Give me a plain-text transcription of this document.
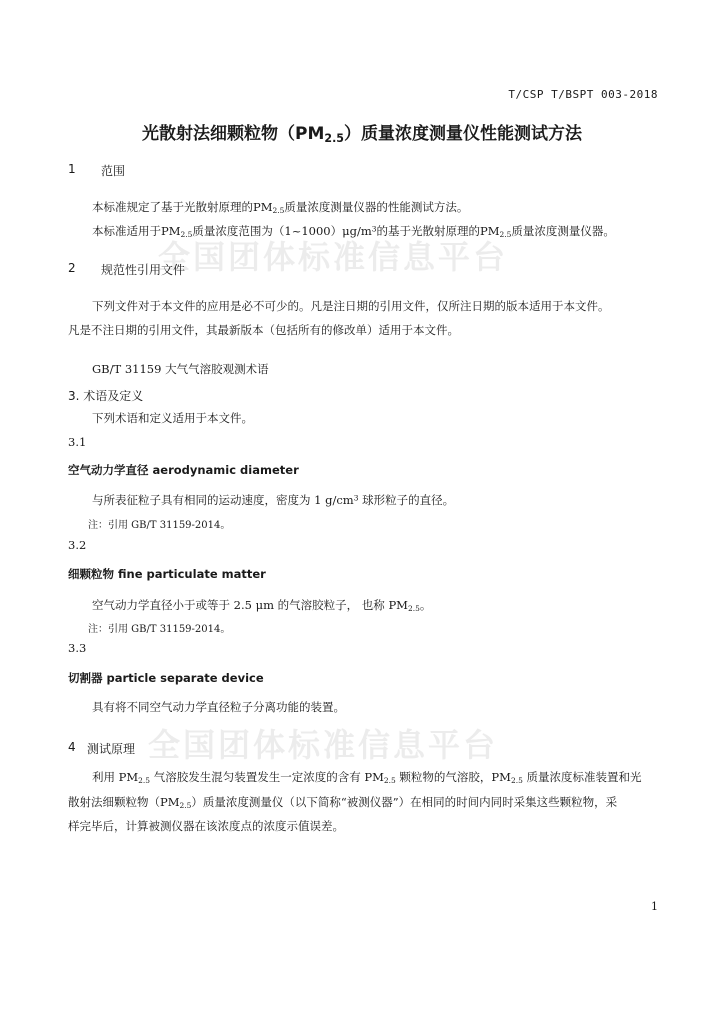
全国团体标准信息平台
全国团体标准信息平台
T/CSP T/BSPT 003-2018
光散射法细颗粒物$(PM_{2.5})$质量浓度测量仪性能测试方法
1 范围
本标准规定了基于光散射原理的$PM_{2.5}$质量浓度测量仪器的性能测试方法。
本标准适用于$PM_{2.5}$质量浓度范围为$(1\sim 1000)\mu g/m^3$的基于光散射原理的$PM_{2.5}$质量浓度测量仪器。
2 规范性引用文件
下列文件对于本文件的应用是必不可少的。凡是注日期的引用文件，仅所注日期的版本适用于本文件。
凡是不注日期的引用文件，其最新版本（包括所有的修改单）适用于本文件。
GB/T 31159 大气气溶胶观测术语
3. 术语及定义
下列术语和定义适用于本文件。
3.1
空气动力学直径 aerodynamic diameter
与所表征粒子具有相同的运动速度，密度为 1 $g/cm^3$ 球形粒子的直径。
注：引用 GB/T 31159-2014。
3.2
细颗粒物 fine particulate matter
空气动力学直径小于或等于 2.5 μm 的气溶胶粒子， 也称 $PM_{2.5}$。
注：引用 GB/T 31159-2014。
3.3
切割器 particle separate device
具有将不同空气动力学直径粒子分离功能的装置。
4 测试原理
利用 $PM_{2.5}$ 气溶胶发生混匀装置发生一定浓度的含有 $PM_{2.5}$ 颗粒物的气溶胶，$PM_{2.5}$ 质量浓度标准装置和光
散射法细颗粒物$(PM_{2.5})$质量浓度测量仪（以下简称“被测仪器”）在相同的时间内同时采集这些颗粒物，采
样完毕后，计算被测仪器在该浓度点的浓度示值误差。
1
